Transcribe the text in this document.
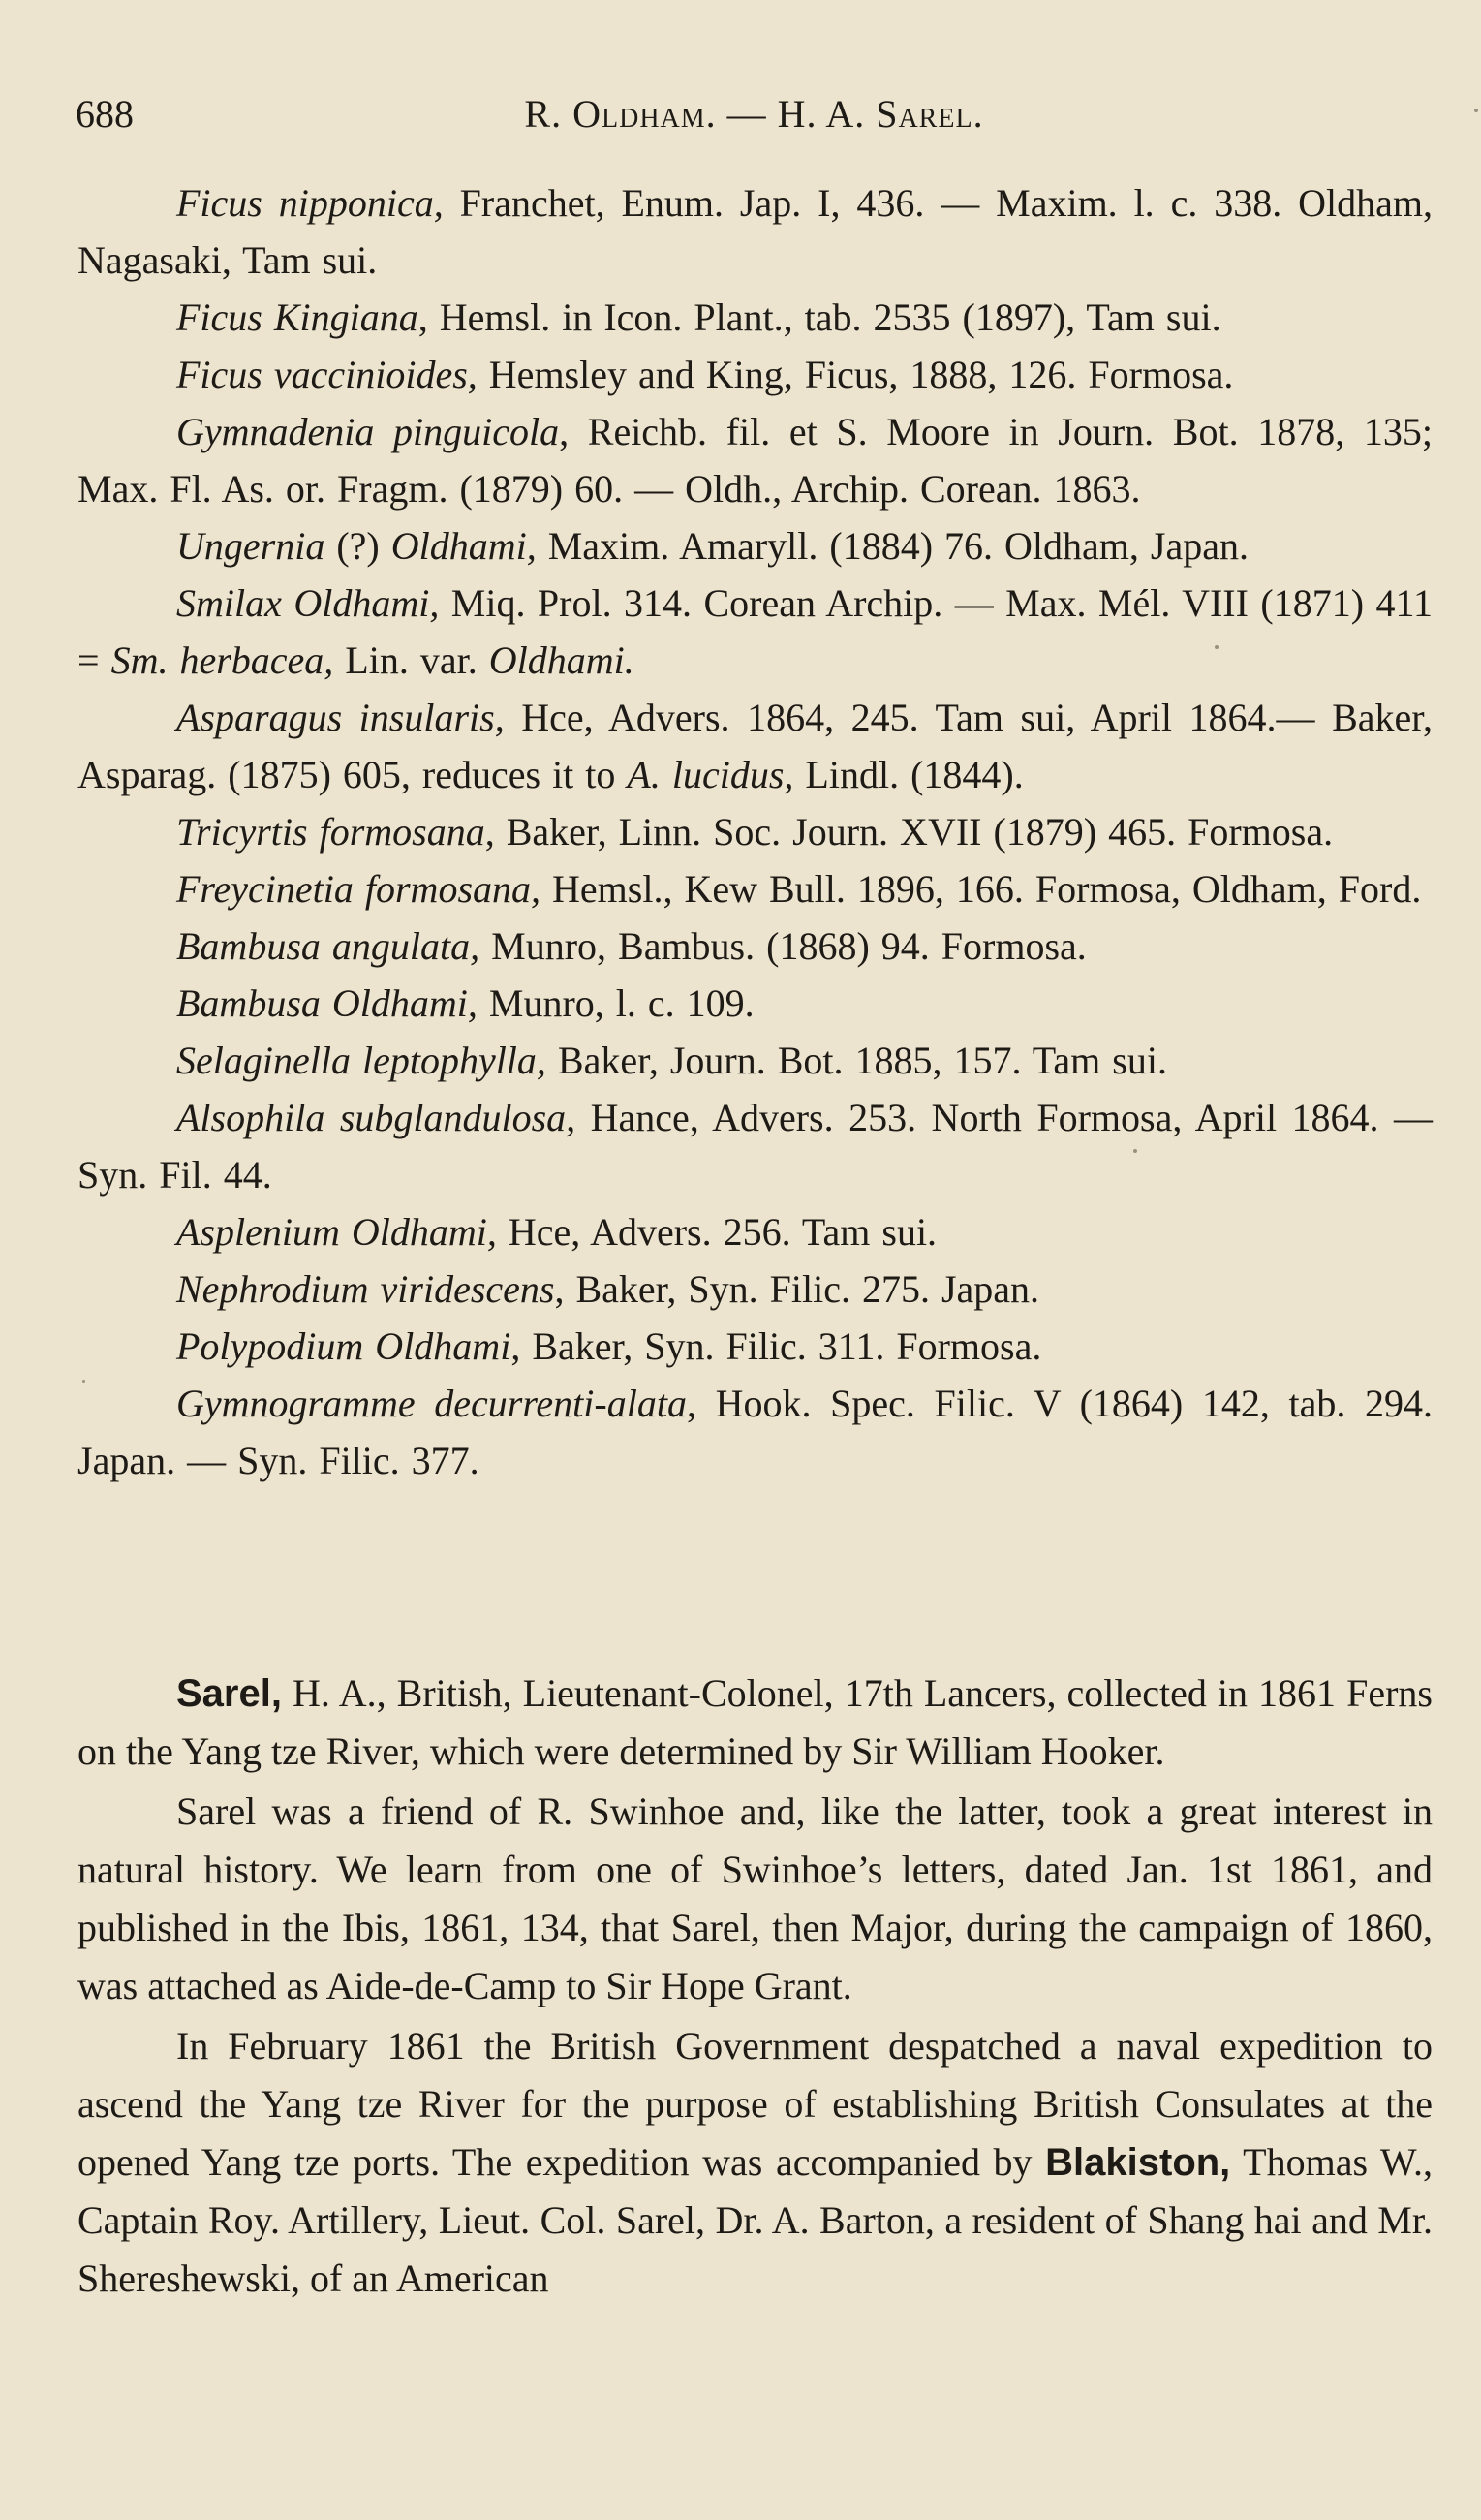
688	R. Oldham. — H. A. Sarel.

Ficus nipponica, Franchet, Enum. Jap. I, 436. — Maxim. l. c. 338. Oldham, Nagasaki, Tam sui.

Ficus Kingiana, Hemsl. in Icon. Plant., tab. 2535 (1897), Tam sui.

Ficus vaccinioides, Hemsley and King, Ficus, 1888, 126. Formosa.

Gymnadenia pinguicola, Reichb. fil. et S. Moore in Journ. Bot. 1878, 135; Max. Fl. As. or. Fragm. (1879) 60. — Oldh., Archip. Corean. 1863.

Ungernia (?) Oldhami, Maxim. Amaryll. (1884) 76. Oldham, Japan.

Smilax Oldhami, Miq. Prol. 314. Corean Archip. — Max. Mél. VIII (1871) 411 = Sm. herbacea, Lin. var. Oldhami.

Asparagus insularis, Hce, Advers. 1864, 245. Tam sui, April 1864.— Baker, Asparag. (1875) 605, reduces it to A. lucidus, Lindl. (1844).

Tricyrtis formosana, Baker, Linn. Soc. Journ. XVII (1879) 465. Formosa.

Freycinetia formosana, Hemsl., Kew Bull. 1896, 166. Formosa, Oldham, Ford.

Bambusa angulata, Munro, Bambus. (1868) 94. Formosa.

Bambusa Oldhami, Munro, l. c. 109.

Selaginella leptophylla, Baker, Journ. Bot. 1885, 157. Tam sui.

Alsophila subglandulosa, Hance, Advers. 253. North Formosa, April 1864. — Syn. Fil. 44.

Asplenium Oldhami, Hce, Advers. 256. Tam sui.

Nephrodium viridescens, Baker, Syn. Filic. 275. Japan.

Polypodium Oldhami, Baker, Syn. Filic. 311. Formosa.

Gymnogramme decurrenti-alata, Hook. Spec. Filic. V (1864) 142, tab. 294. Japan. — Syn. Filic. 377.

Sarel, H. A., British, Lieutenant-Colonel, 17th Lancers, collected in 1861 Ferns on the Yang tze River, which were determined by Sir William Hooker.

Sarel was a friend of R. Swinhoe and, like the latter, took a great interest in natural history. We learn from one of Swinhoe’s letters, dated Jan. 1st 1861, and published in the Ibis, 1861, 134, that Sarel, then Major, during the campaign of 1860, was attached as Aide-de-Camp to Sir Hope Grant.

In February 1861 the British Government despatched a naval expedition to ascend the Yang tze River for the purpose of establishing British Consulates at the opened Yang tze ports. The expedition was accompanied by Blakiston, Thomas W., Captain Roy. Artillery, Lieut. Col. Sarel, Dr. A. Barton, a resident of Shang hai and Mr. Shereshewski, of an American
